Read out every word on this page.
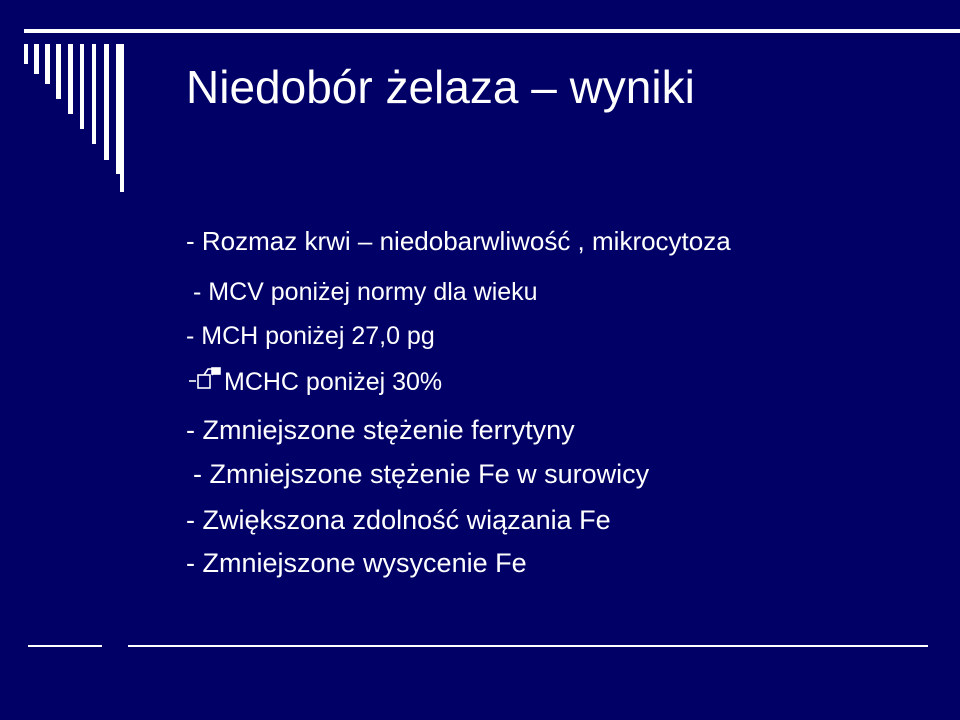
Niedobór żelaza – wyniki
- Rozmaz krwi – niedobarwliwość , mikrocytoza
- MCV poniżej normy dla wieku
- MCH poniżej 27,0 pg
MCHC poniżej 30%
- Zmniejszone stężenie ferrytyny
- Zmniejszone stężenie Fe w surowicy
- Zwiększona zdolność wiązania Fe
- Zmniejszone wysycenie Fe
